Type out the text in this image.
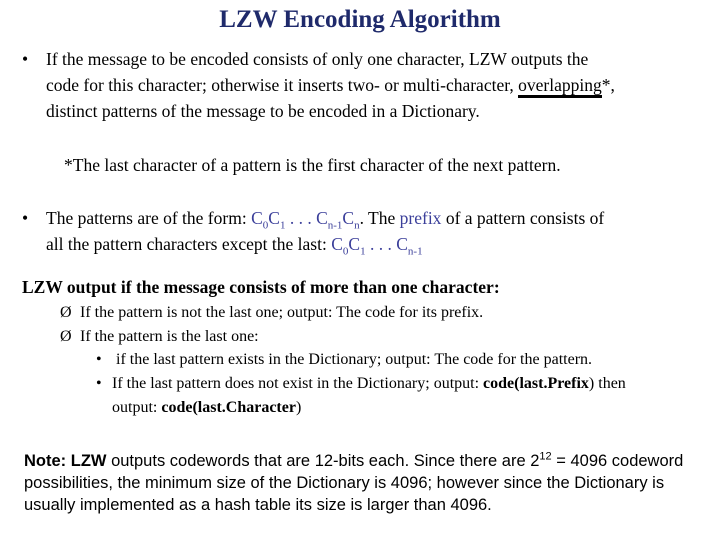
LZW Encoding Algorithm
• If the message to be encoded consists of only one character, LZW outputs the
code for this character; otherwise it inserts two- or multi-character, overlapping*,
distinct patterns of the message to be encoded in a Dictionary.
*The last character of a pattern is the first character of the next pattern.
• The patterns are of the form: $C_0C_1$ . . . $C_{n-1}C_n$. The prefix of a pattern consists of
all the pattern characters except the last: $C_0C_1$ . . . $C_{n-1}$
LZW output if the message consists of more than one character:
Ø If the pattern is not the last one; output: The code for its prefix.
Ø If the pattern is the last one:
• if the last pattern exists in the Dictionary; output: The code for the pattern.
• If the last pattern does not exist in the Dictionary; output: code(last.Prefix) then
output: code(last.Character)
Note: LZW outputs codewords that are 12-bits each. Since there are $2^{12} = 4096$ codeword possibilities, the minimum size of the Dictionary is 4096; however since the Dictionary is usually implemented as a hash table its size is larger than 4096.
